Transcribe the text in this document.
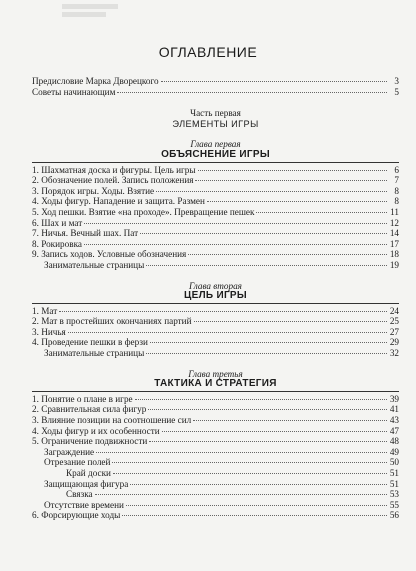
ОГЛАВЛЕНИЕ
Предисловие Марка Дворецкого	3
Советы начинающим	5
Часть первая
ЭЛЕМЕНТЫ ИГРЫ
Глава первая
ОБЪЯСНЕНИЕ ИГРЫ
1. Шахматная доска и фигуры. Цель игры	6
2. Обозначение полей. Запись положения	7
3. Порядок игры. Ходы. Взятие	8
4. Ходы фигур. Нападение и защита. Размен	8
5. Ход пешки. Взятие «на проходе». Превращение пешек	11
6. Шах и мат	12
7. Ничья. Вечный шах. Пат	14
8. Рокировка	17
9. Запись ходов. Условные обозначения	18
Занимательные страницы	19
Глава вторая
ЦЕЛЬ ИГРЫ
1. Мат	24
2. Мат в простейших окончаниях партий	25
3. Ничья	27
4. Проведение пешки в ферзи	29
Занимательные страницы	32
Глава третья
ТАКТИКА И СТРАТЕГИЯ
1. Понятие о плане в игре	39
2. Сравнительная сила фигур	41
3. Влияние позиции на соотношение сил	43
4. Ходы фигур и их особенности	47
5. Ограничение подвижности	48
Заграждение	49
Отрезание полей	50
Край доски	51
Защищающая фигура	51
Связка	53
Отсутствие времени	55
6. Форсирующие ходы	56
